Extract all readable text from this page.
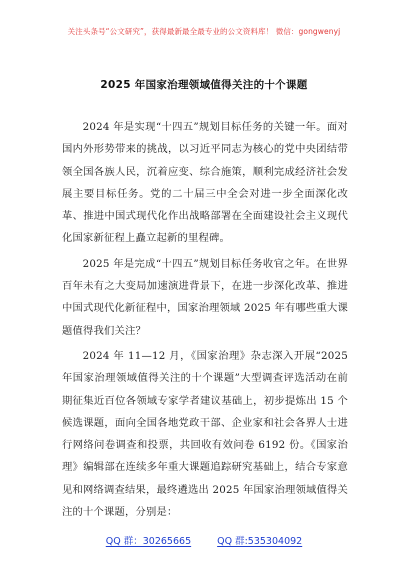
关注头条号“公文研究”，获得最新最全最专业的公文资料库！ 微信：gongwenyj
2025 年国家治理领域值得关注的十个课题

2024 年是实现“十四五”规划目标任务的关键一年。面对国内外形势带来的挑战，以习近平同志为核心的党中央团结带领全国各族人民，沉着应变、综合施策，顺利完成经济社会发展主要目标任务。党的二十届三中全会对进一步全面深化改革、推进中国式现代化作出战略部署在全面建设社会主义现代化国家新征程上矗立起新的里程碑。

2025 年是完成“十四五”规划目标任务收官之年。在世界百年未有之大变局加速演进背景下，在进一步深化改革、推进中国式现代化新征程中，国家治理领域 2025 年有哪些重大课题值得我们关注？

2024 年 11—12 月，《国家治理》杂志深入开展“2025 年国家治理领域值得关注的十个课题”大型调查评选活动在前期征集近百位各领域专家学者建议基础上，初步提炼出 15 个候选课题，面向全国各地党政干部、企业家和社会各界人士进行网络问卷调查和投票，共回收有效问卷 6192 份。《国家治理》编辑部在连续多年重大课题追踪研究基础上，结合专家意见和网络调查结果，最终遴选出 2025 年国家治理领域值得关注的十个课题，分别是：

QQ 群：30265665	QQ 群:535304092
